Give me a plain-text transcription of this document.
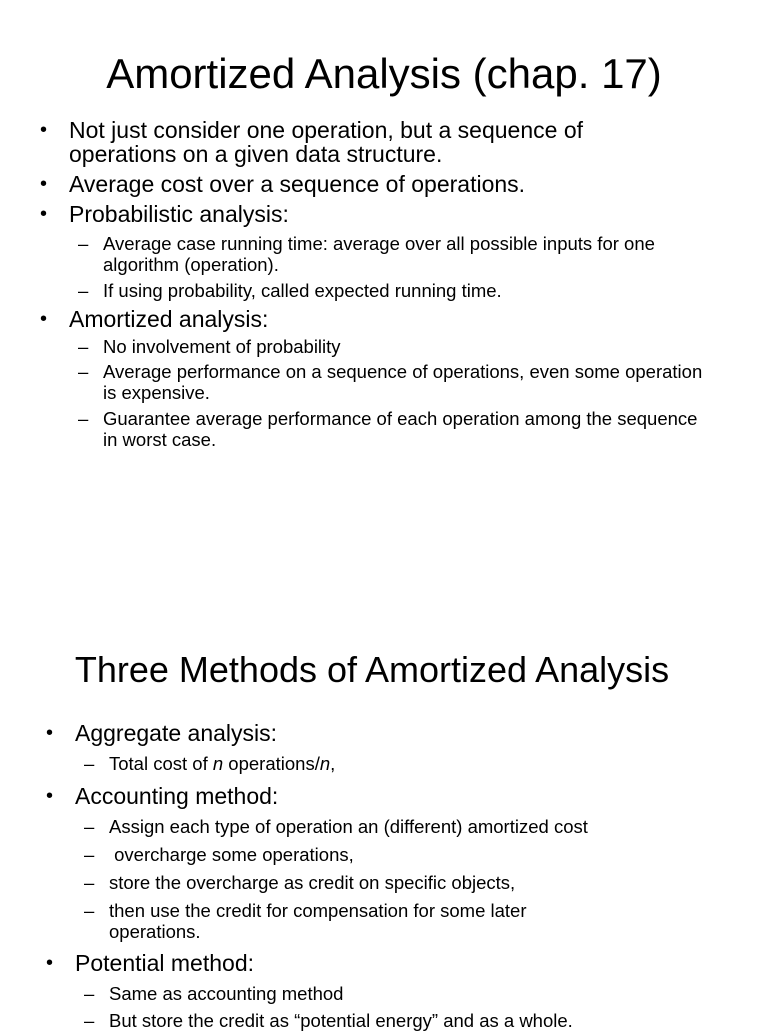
Amortized Analysis (chap. 17)
• Not just consider one operation, but a sequence of operations on a given data structure.
• Average cost over a sequence of operations.
• Probabilistic analysis:
– Average case running time: average over all possible inputs for one algorithm (operation).
– If using probability, called expected running time.
• Amortized analysis:
– No involvement of probability
– Average performance on a sequence of operations, even some operation is expensive.
– Guarantee average performance of each operation among the sequence in worst case.
Three Methods of Amortized Analysis
• Aggregate analysis:
– Total cost of n operations/n,
• Accounting method:
– Assign each type of operation an (different) amortized cost
– overcharge some operations,
– store the overcharge as credit on specific objects,
– then use the credit for compensation for some later operations.
• Potential method:
– Same as accounting method
– But store the credit as “potential energy” and as a whole.
